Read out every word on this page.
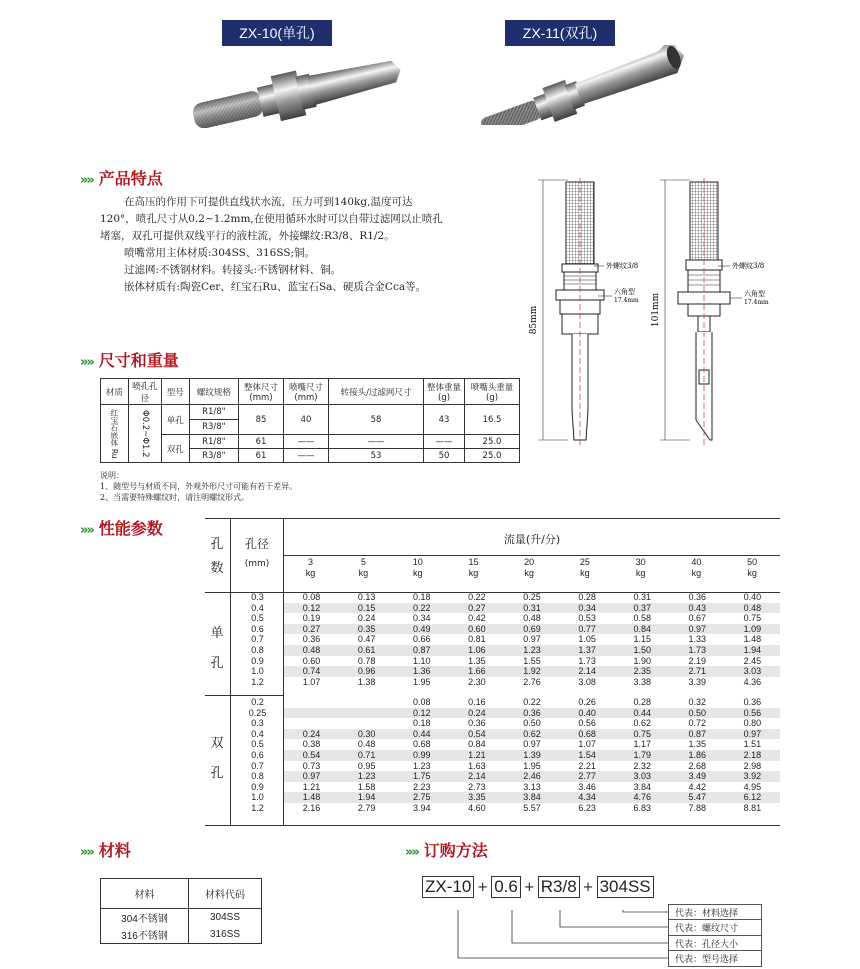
ZX-10(单孔)	ZX-11(双孔)
»» 产品特点

在高压的作用下可提供直线状水流，压力可到140kg,温度可达

120°，喷孔尺寸从0.2~1.2mm,在使用循环水时可以自带过滤网以止喷孔

堵塞，双孔可提供双线平行的液柱流，外接螺纹:R3/8、R1/2。

喷嘴常用主体材质:304SS、316SS;铜。

过滤网:不锈钢材料。转接头:不锈钢材料、铜。

嵌体材质有:陶瓷Cer、红宝石Ru、蓝宝石Sa、硬质合金Cca等。

85mm
外螺纹3/8
六角型
17.4mm 101mm
外螺纹3/8
六角型
17.4mm
»» 尺寸和重量
材质	喷孔孔径	型号	螺纹规格	整体尺寸(mm)	喷嘴尺寸(mm)	转接头/过滤网尺寸	整体重量(g)	喷嘴头重量(g)
红宝石嵌体 Ru	Φ0.2~Φ1.2	单孔	R1/8"	85	40	58	43	16.5
			R3/8"					
		双孔	R1/8"	61	——	——	——	25.0
			R3/8"	61	——	53	50	25.0
说明：
1、随型号与材质不同，外观外形尺寸可能有若干差异。
2、当需要特殊螺纹时，请注明螺纹形式。
»» 性能参数
孔数
孔径
(mm)
流量(升/分)
单孔
双孔
3	5	10	15	20	25	30	40	50
kg	kg	kg	kg	kg	kg	kg	kg	kg
0.3	0.08	0.13	0.18	0.22	0.25	0.28	0.31	0.36	0.40
0.4	0.12	0.15	0.22	0.27	0.31	0.34	0.37	0.43	0.48
0.5	0.19	0.24	0.34	0.42	0.48	0.53	0.58	0.67	0.75
0.6	0.27	0.35	0.49	0.60	0.69	0.77	0.84	0.97	1.09
0.7	0.36	0.47	0.66	0.81	0.97	1.05	1.15	1.33	1.48
0.8	0.48	0.61	0.87	1.06	1.23	1.37	1.50	1.73	1.94
0.9	0.60	0.78	1.10	1.35	1.55	1.73	1.90	2.19	2.45
1.0	0.74	0.96	1.36	1.66	1.92	2.14	2.35	2.71	3.03
1.2	1.07	1.38	1.95	2.30	2.76	3.08	3.38	3.39	4.36
0.2			0.08	0.16	0.22	0.26	0.28	0.32	0.36
0.25			0.12	0.24	0.36	0.40	0.44	0.50	0.56
0.3			0.18	0.36	0.50	0.56	0.62	0.72	0.80
0.4	0.24	0.30	0.44	0.54	0.62	0.68	0.75	0.87	0.97
0.5	0.38	0.48	0.68	0.84	0.97	1.07	1.17	1.35	1.51
0.6	0.54	0.71	0.99	1.21	1.39	1.54	1.79	1.86	2.18
0.7	0.73	0.95	1.23	1.63	1.95	2.21	2.32	2.68	2.98
0.8	0.97	1.23	1.75	2.14	2.46	2.77	3.03	3.49	3.92
0.9	1.21	1.58	2.23	2.73	3.13	3.46	3.84	4.42	4.95
1.0	1.48	1.94	2.75	3.35	3.84	4.34	4.76	5.47	6.12
1.2	2.16	2.79	3.94	4.60	5.57	6.23	6.83	7.88	8.81
»» 材料
材料	材料代码
304不锈钢	304SS
316不锈钢	316SS
»» 订购方法
ZX-10 + 0.6 + R3/8 + 304SS
代表：材料选择
代表：螺纹尺寸
代表：孔径大小
代表：型号选择
